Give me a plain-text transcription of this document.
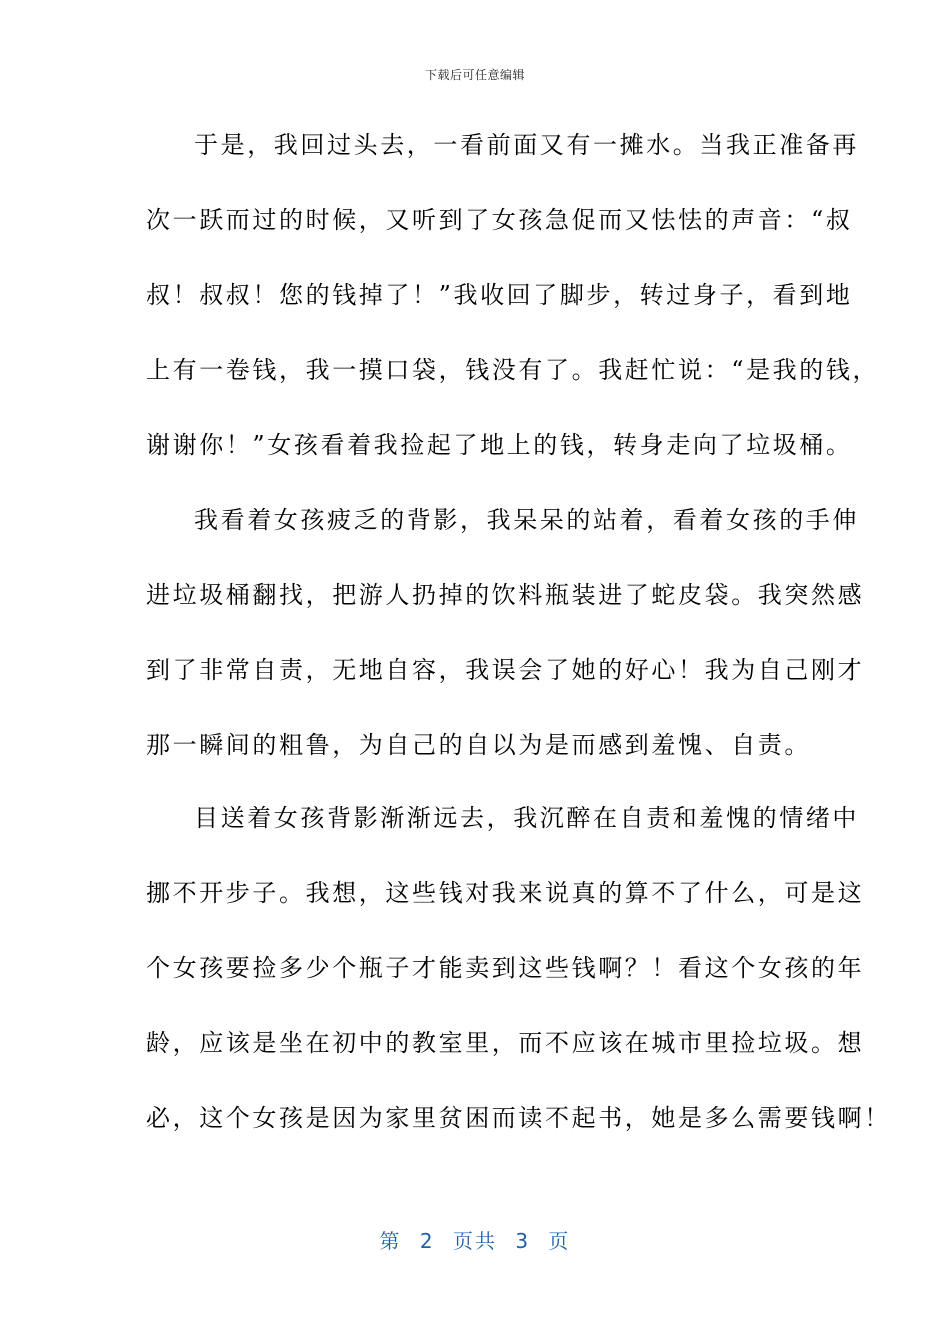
下载后可任意编辑
于是，我回过头去，一看前面又有一摊水。当我正准备再
次一跃而过的时候，又听到了女孩急促而又怯怯的声音：“叔
叔！叔叔！您的钱掉了！”我收回了脚步，转过身子，看到地
上有一卷钱，我一摸口袋，钱没有了。我赶忙说：“是我的钱，
谢谢你！”女孩看着我捡起了地上的钱，转身走向了垃圾桶。
我看着女孩疲乏的背影，我呆呆的站着，看着女孩的手伸
进垃圾桶翻找，把游人扔掉的饮料瓶装进了蛇皮袋。我突然感
到了非常自责，无地自容，我误会了她的好心！我为自己刚才
那一瞬间的粗鲁，为自己的自以为是而感到羞愧、自责。
目送着女孩背影渐渐远去，我沉醉在自责和羞愧的情绪中
挪不开步子。我想，这些钱对我来说真的算不了什么，可是这
个女孩要捡多少个瓶子才能卖到这些钱啊？！看这个女孩的年
龄，应该是坐在初中的教室里，而不应该在城市里捡垃圾。想
必，这个女孩是因为家里贫困而读不起书，她是多么需要钱啊！
第 2 页共 3 页
